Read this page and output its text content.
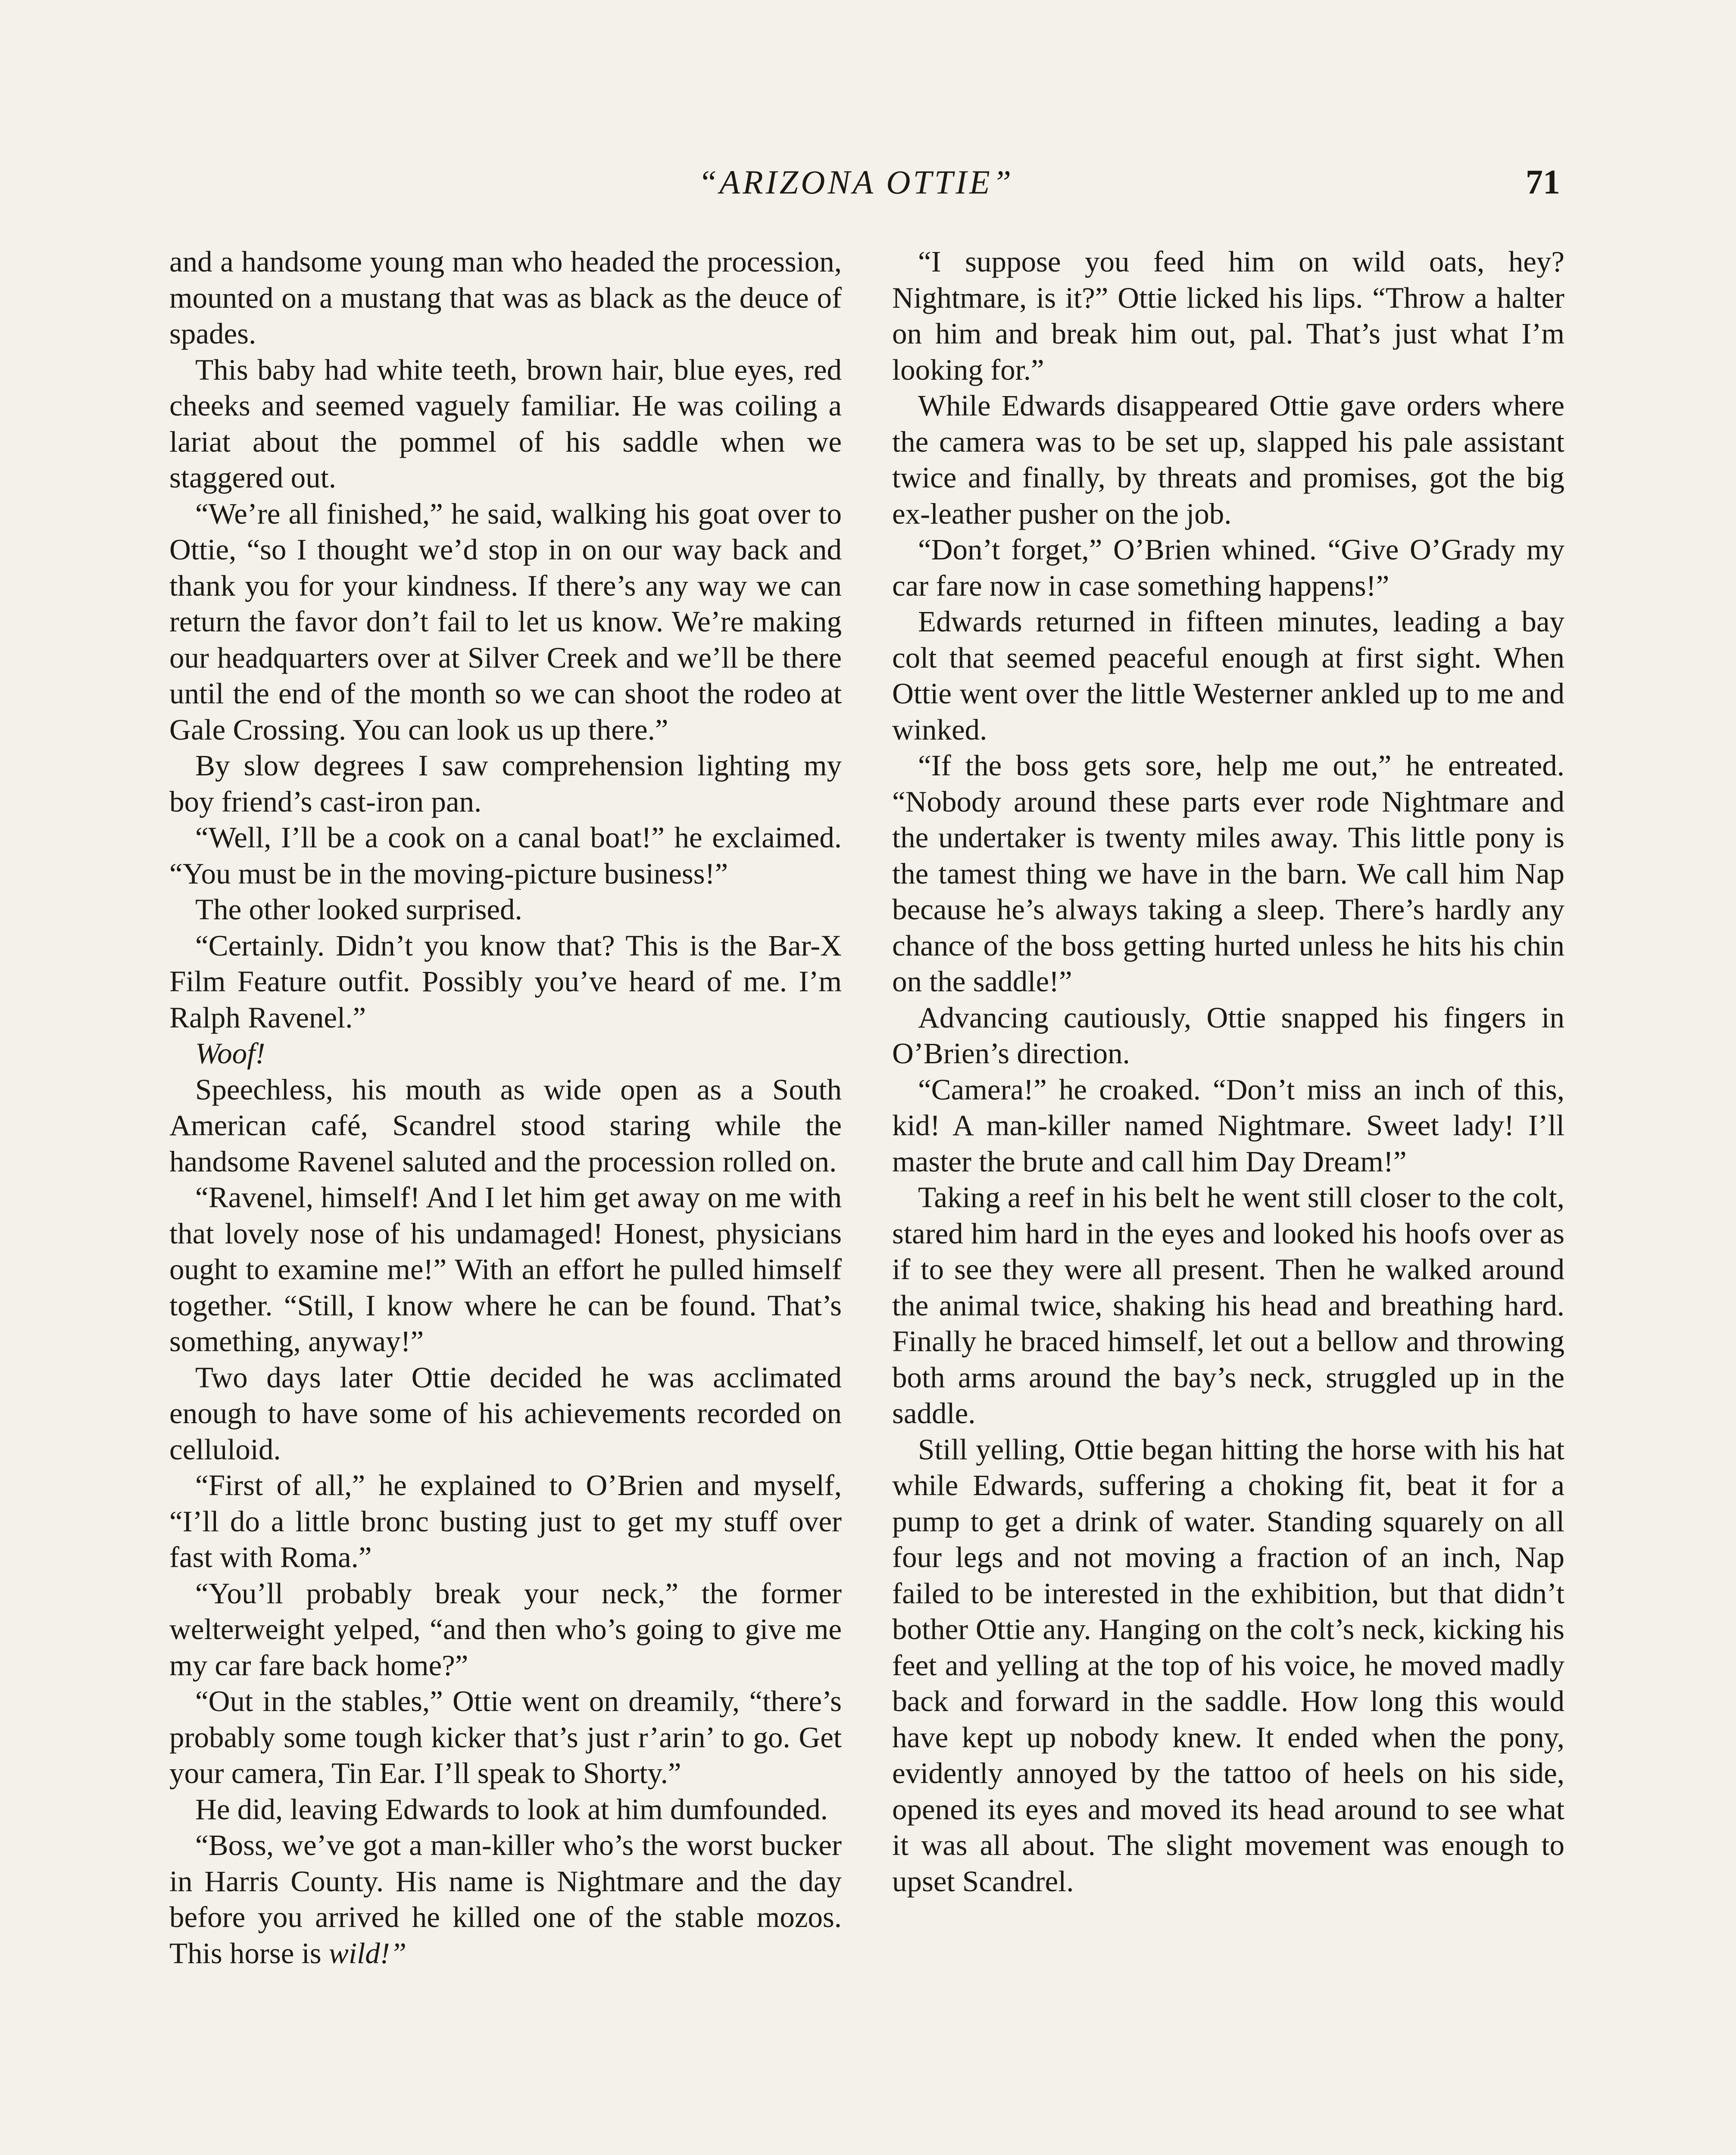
“ARIZONA OTTIE”	71

and a handsome young man who headed the procession, mounted on a mustang that was as black as the deuce of spades.

This baby had white teeth, brown hair, blue eyes, red cheeks and seemed vaguely familiar. He was coiling a lariat about the pommel of his saddle when we staggered out.

“We’re all finished,” he said, walking his goat over to Ottie, “so I thought we’d stop in on our way back and thank you for your kindness. If there’s any way we can return the favor don’t fail to let us know. We’re making our headquarters over at Silver Creek and we’ll be there until the end of the month so we can shoot the rodeo at Gale Crossing. You can look us up there.”

By slow degrees I saw comprehension lighting my boy friend’s cast-iron pan.

“Well, I’ll be a cook on a canal boat!” he exclaimed. “You must be in the moving-picture business!”

The other looked surprised.

“Certainly. Didn’t you know that? This is the Bar-X Film Feature outfit. Possibly you’ve heard of me. I’m Ralph Ravenel.”

Woof!

Speechless, his mouth as wide open as a South American café, Scandrel stood staring while the handsome Ravenel saluted and the procession rolled on.

“Ravenel, himself! And I let him get away on me with that lovely nose of his undamaged! Honest, physicians ought to examine me!” With an effort he pulled himself together. “Still, I know where he can be found. That’s something, anyway!”

Two days later Ottie decided he was acclimated enough to have some of his achievements recorded on celluloid.

“First of all,” he explained to O’Brien and myself, “I’ll do a little bronc busting just to get my stuff over fast with Roma.”

“You’ll probably break your neck,” the former welterweight yelped, “and then who’s going to give me my car fare back home?”

“Out in the stables,” Ottie went on dreamily, “there’s probably some tough kicker that’s just r’arin’ to go. Get your camera, Tin Ear. I’ll speak to Shorty.”

He did, leaving Edwards to look at him dumfounded.

“Boss, we’ve got a man-killer who’s the worst bucker in Harris County. His name is Nightmare and the day before you arrived he killed one of the stable mozos. This horse is wild!”

“I suppose you feed him on wild oats, hey? Nightmare, is it?” Ottie licked his lips. “Throw a halter on him and break him out, pal. That’s just what I’m looking for.”

While Edwards disappeared Ottie gave orders where the camera was to be set up, slapped his pale assistant twice and finally, by threats and promises, got the big ex-leather pusher on the job.

“Don’t forget,” O’Brien whined. “Give O’Grady my car fare now in case something happens!”

Edwards returned in fifteen minutes, leading a bay colt that seemed peaceful enough at first sight. When Ottie went over the little Westerner ankled up to me and winked.

“If the boss gets sore, help me out,” he entreated. “Nobody around these parts ever rode Nightmare and the undertaker is twenty miles away. This little pony is the tamest thing we have in the barn. We call him Nap because he’s always taking a sleep. There’s hardly any chance of the boss getting hurted unless he hits his chin on the saddle!”

Advancing cautiously, Ottie snapped his fingers in O’Brien’s direction.

“Camera!” he croaked. “Don’t miss an inch of this, kid! A man-killer named Nightmare. Sweet lady! I’ll master the brute and call him Day Dream!”

Taking a reef in his belt he went still closer to the colt, stared him hard in the eyes and looked his hoofs over as if to see they were all present. Then he walked around the animal twice, shaking his head and breathing hard. Finally he braced himself, let out a bellow and throwing both arms around the bay’s neck, struggled up in the saddle.

Still yelling, Ottie began hitting the horse with his hat while Edwards, suffering a choking fit, beat it for a pump to get a drink of water. Standing squarely on all four legs and not moving a fraction of an inch, Nap failed to be interested in the exhibition, but that didn’t bother Ottie any. Hanging on the colt’s neck, kicking his feet and yelling at the top of his voice, he moved madly back and forward in the saddle. How long this would have kept up nobody knew. It ended when the pony, evidently annoyed by the tattoo of heels on his side, opened its eyes and moved its head around to see what it was all about. The slight movement was enough to upset Scandrel.
